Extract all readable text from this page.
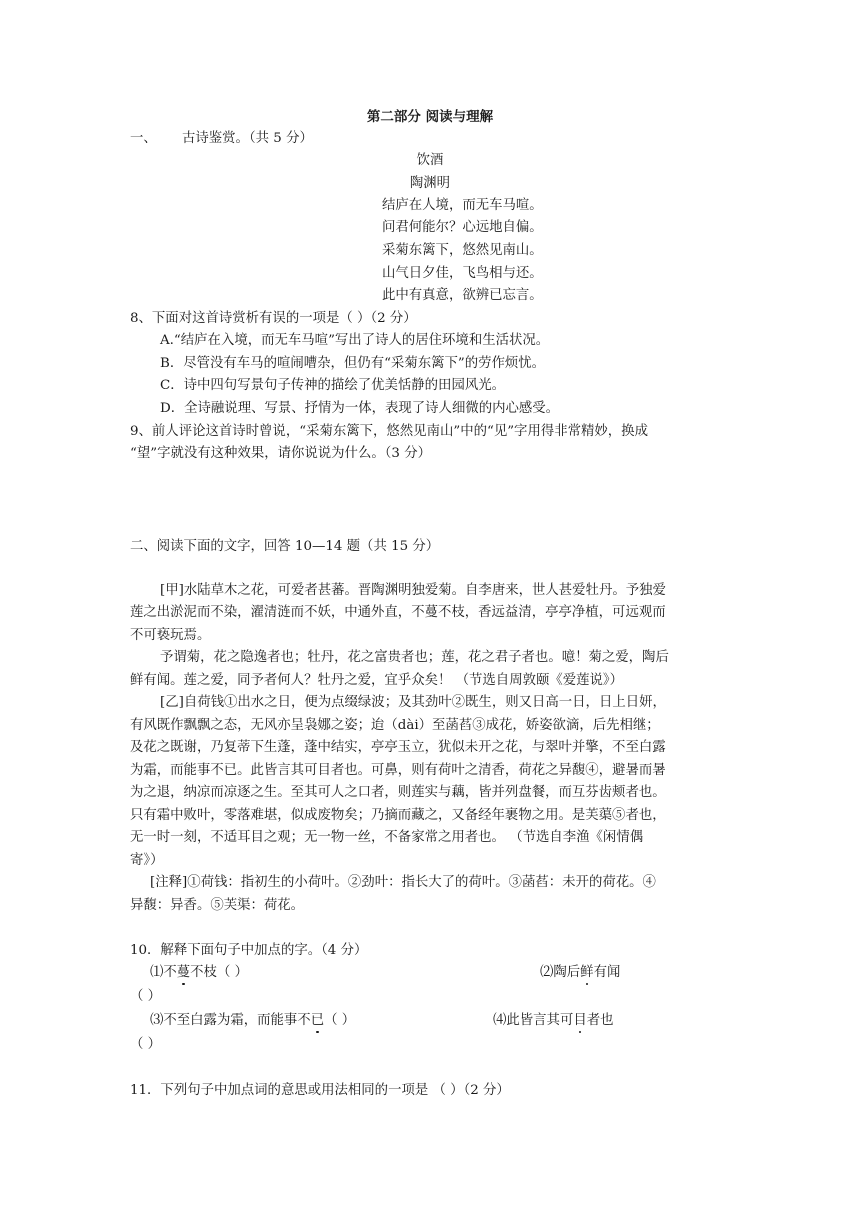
第二部分 阅读与理解
一、 古诗鉴赏。（共 5 分）
饮酒
陶渊明
结庐在人境，而无车马喧。
问君何能尔？心远地自偏。
采菊东篱下，悠然见南山。
山气日夕佳，飞鸟相与还。
此中有真意，欲辨已忘言。
8、下面对这首诗赏析有误的一项是（ ）（2 分）
A.“结庐在入境，而无车马喧”写出了诗人的居住环境和生活状况。
B．尽管没有车马的喧闹嘈杂，但仍有“采菊东篱下”的劳作烦忧。
C．诗中四句写景句子传神的描绘了优美恬静的田园风光。
D．全诗融说理、写景、抒情为一体，表现了诗人细微的内心感受。
9、前人评论这首诗时曾说，“采菊东篱下，悠然见南山”中的“见”字用得非常精妙，换成
“望”字就没有这种效果，请你说说为什么。（3 分）
二、阅读下面的文字，回答 10—14 题（共 15 分）
[甲]水陆草木之花，可爱者甚蕃。晋陶渊明独爱菊。自李唐来，世人甚爱牡丹。予独爱
莲之出淤泥而不染，濯清涟而不妖，中通外直，不蔓不枝，香远益清，亭亭净植，可远观而
不可亵玩焉。
予谓菊，花之隐逸者也；牡丹，花之富贵者也；莲，花之君子者也。噫！菊之爱，陶后
鲜有闻。莲之爱，同予者何人？牡丹之爱，宜乎众矣！ （节选自周敦颐《爱莲说》）
[乙]自荷钱①出水之日，便为点缀绿波；及其劲叶②既生，则又日高一日，日上日妍，
有风既作飘飘之态，无风亦呈袅娜之姿；迨（dài）至菡萏③成花，娇姿欲滴，后先相继；
及花之既谢，乃复蒂下生蓬，蓬中结实，亭亭玉立，犹似未开之花，与翠叶并擎，不至白露
为霜，而能事不已。此皆言其可目者也。可鼻，则有荷叶之清香，荷花之异馥④，避暑而暑
为之退，纳凉而凉逐之生。至其可人之口者，则莲实与藕，皆并列盘餐，而互芬齿颊者也。
只有霜中败叶，零落难堪，似成废物矣；乃摘而藏之，又备经年裹物之用。是芙蕖⑤者也，
无一时一刻，不适耳目之观；无一物一丝，不备家常之用者也。 （节选自李渔《闲情偶
寄》）
[注释]①荷钱：指初生的小荷叶。②劲叶：指长大了的荷叶。③菡萏：未开的荷花。④
异馥：异香。⑤芙渠：荷花。
10．解释下面句子中加点的字。（4 分）
⑴不蔓不枝（ ）	⑵陶后鲜有闻
（ ）
⑶不至白露为霜，而能事不已（ ）	⑷此皆言其可目者也
（ ）
11．下列句子中加点词的意思或用法相同的一项是 （ ）（2 分）
